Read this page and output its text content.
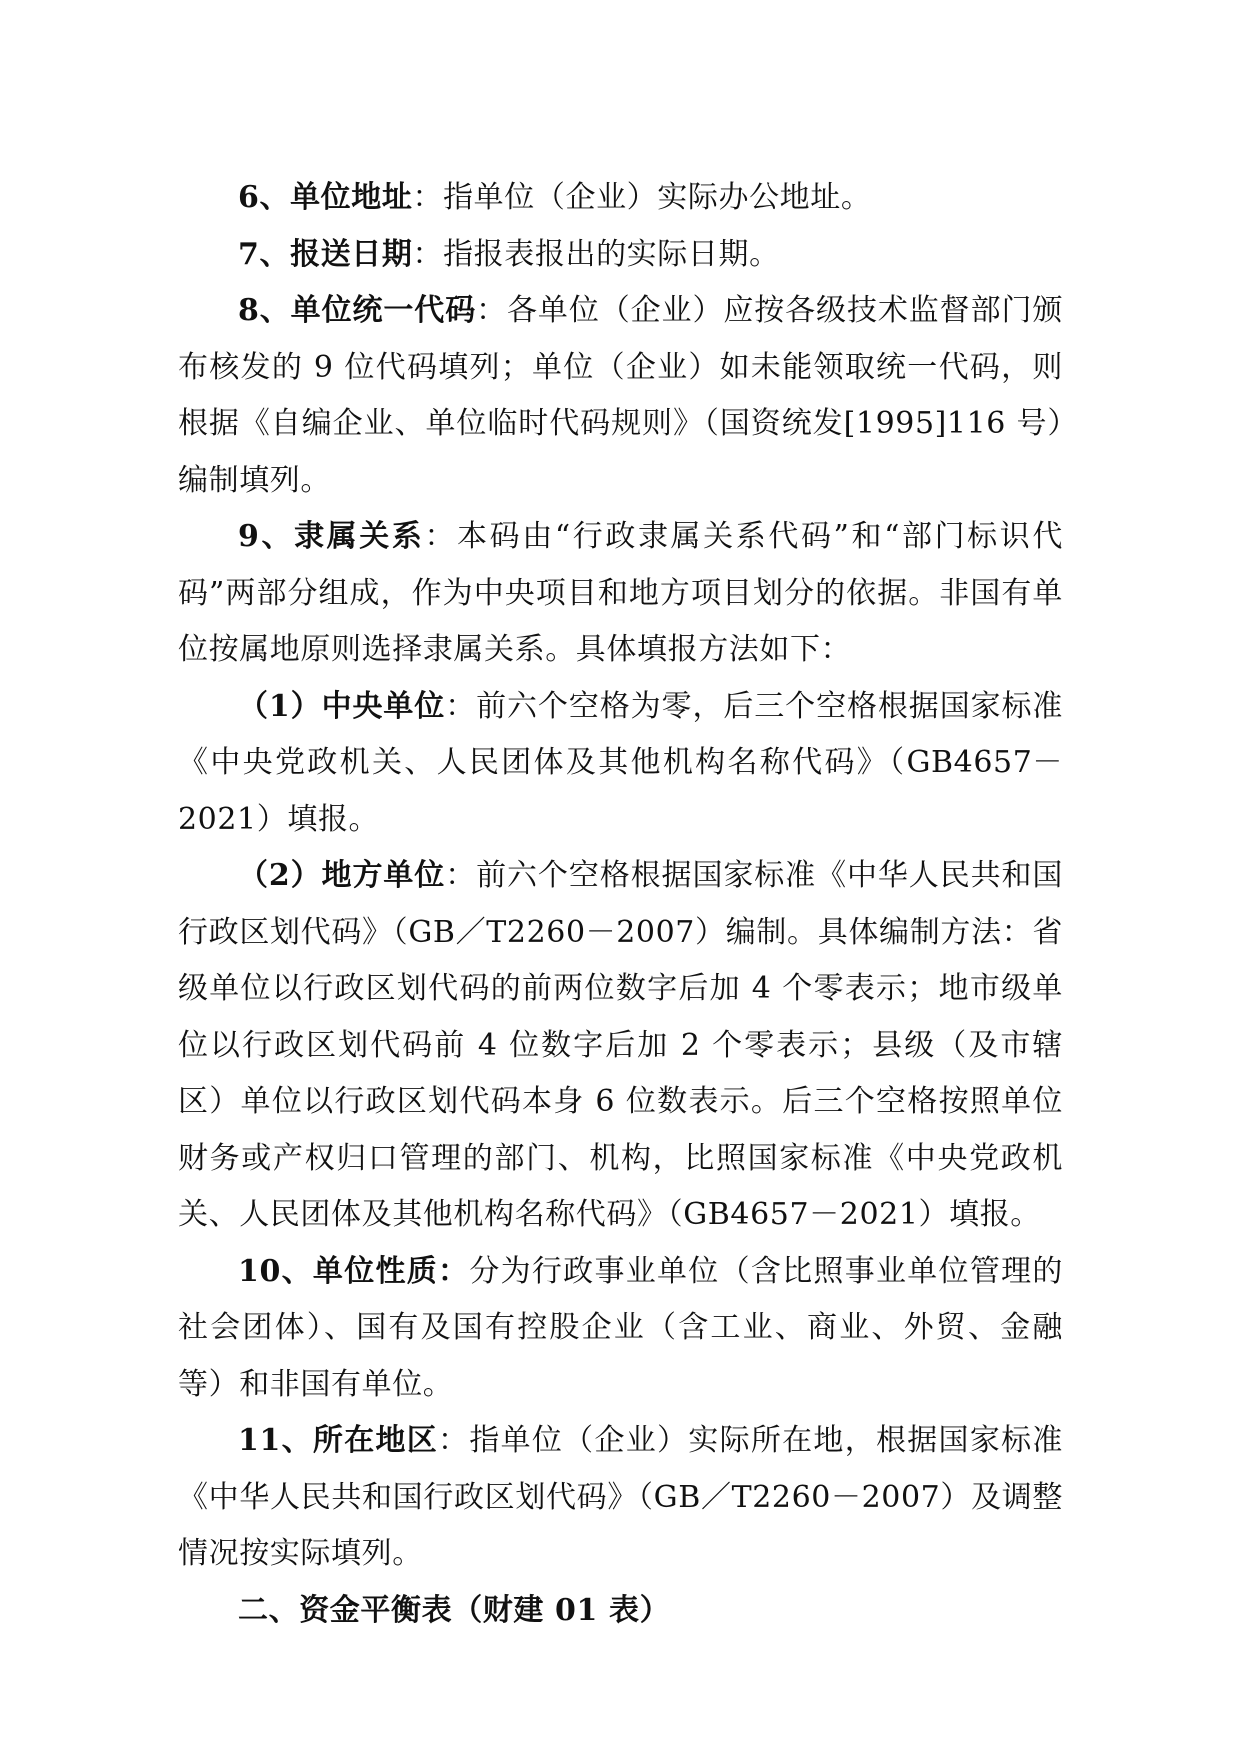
6、单位地址：指单位（企业）实际办公地址。

7、报送日期：指报表报出的实际日期。

8、单位统一代码：各单位（企业）应按各级技术监督部门颁布核发的 9 位代码填列；单位（企业）如未能领取统一代码，则根据《自编企业、单位临时代码规则》（国资统发[1995]116 号）编制填列。

9、隶属关系：本码由“行政隶属关系代码”和“部门标识代码”两部分组成，作为中央项目和地方项目划分的依据。非国有单位按属地原则选择隶属关系。具体填报方法如下：

（1）中央单位：前六个空格为零，后三个空格根据国家标准《中央党政机关、人民团体及其他机构名称代码》（GB4657－2021）填报。

（2）地方单位：前六个空格根据国家标准《中华人民共和国行政区划代码》（GB／T2260－2007）编制。具体编制方法：省级单位以行政区划代码的前两位数字后加 4 个零表示；地市级单位以行政区划代码前 4 位数字后加 2 个零表示；县级（及市辖区）单位以行政区划代码本身 6 位数表示。后三个空格按照单位财务或产权归口管理的部门、机构，比照国家标准《中央党政机关、人民团体及其他机构名称代码》（GB4657－2021）填报。

10、单位性质：分为行政事业单位（含比照事业单位管理的社会团体）、国有及国有控股企业（含工业、商业、外贸、金融等）和非国有单位。

11、所在地区：指单位（企业）实际所在地，根据国家标准《中华人民共和国行政区划代码》（GB／T2260－2007）及调整情况按实际填列。

二、资金平衡表（财建 01 表）
